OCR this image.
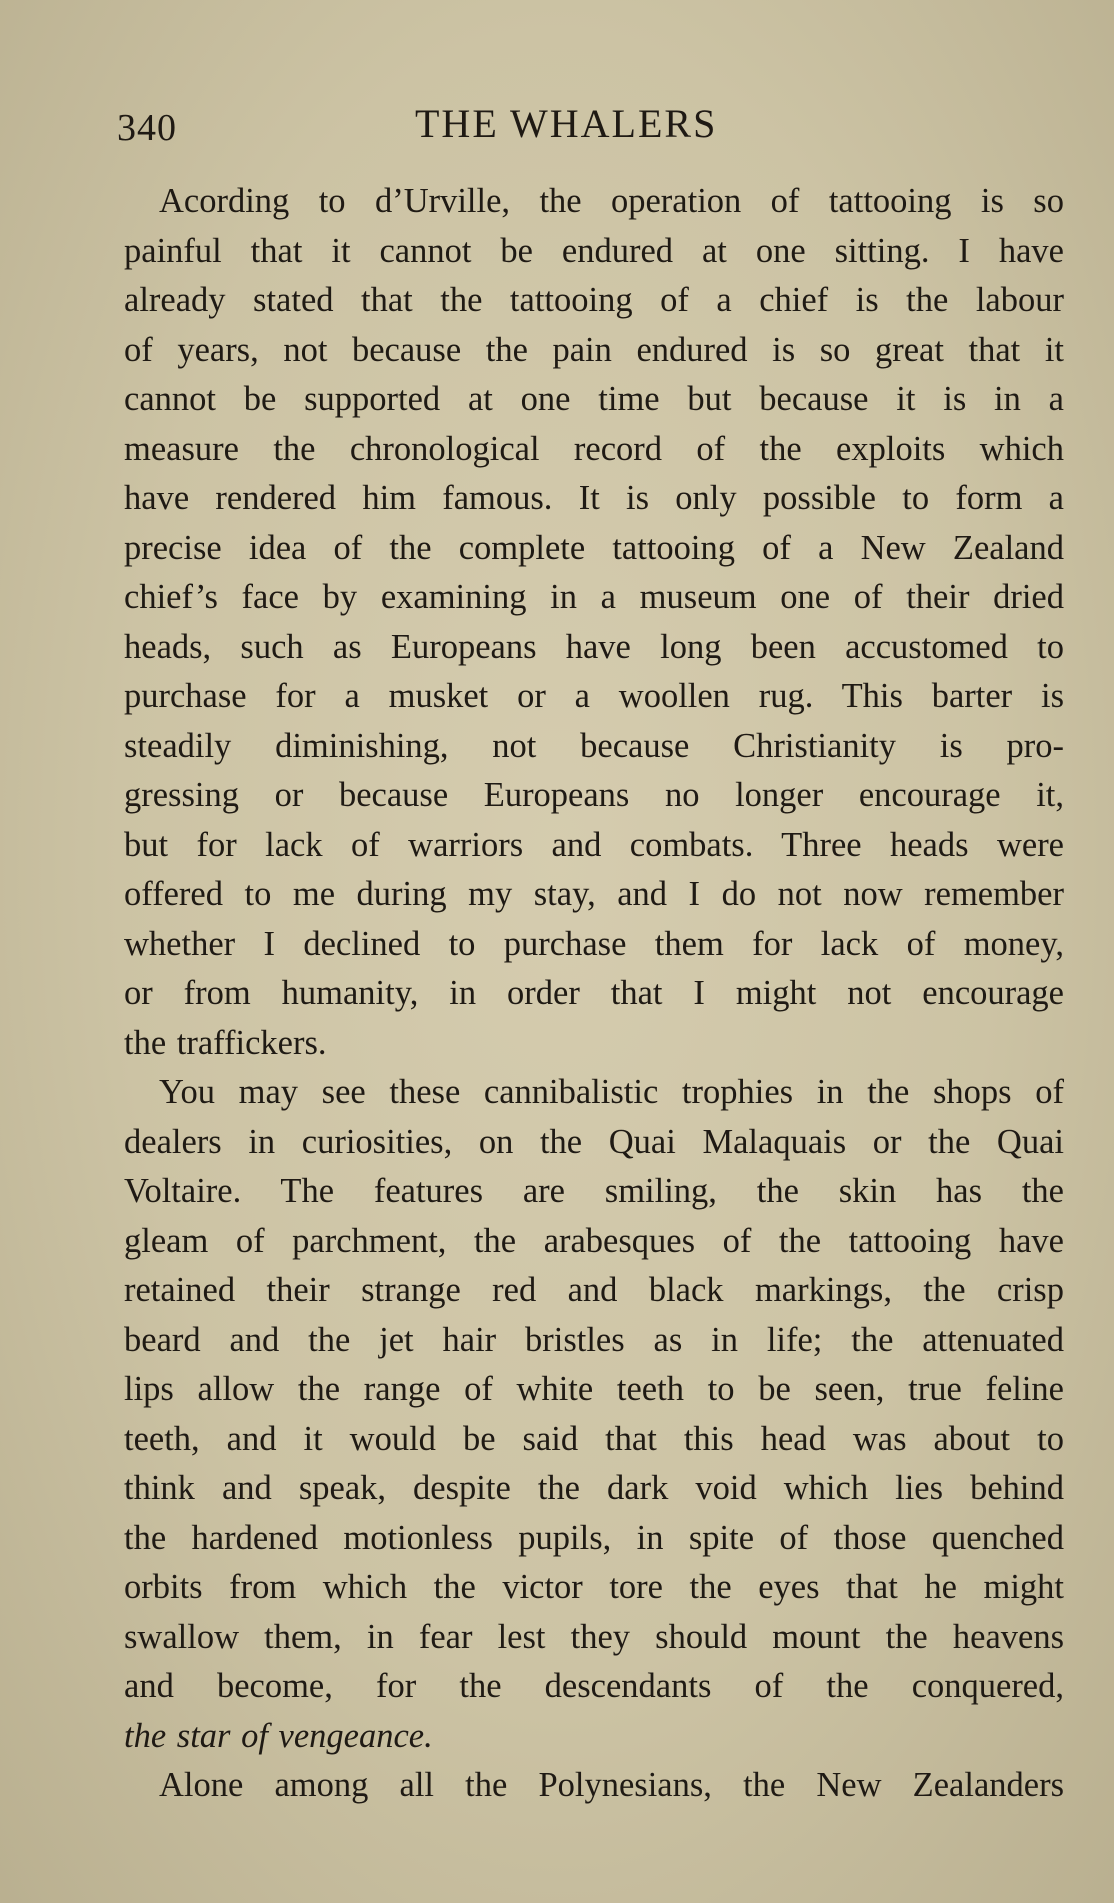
340	THE WHALERS
Acording to d’Urville, the operation of tattooing is so
painful that it cannot be endured at one sitting. I have
already stated that the tattooing of a chief is the labour
of years, not because the pain endured is so great that it
cannot be supported at one time but because it is in a
measure the chronological record of the exploits which
have rendered him famous. It is only possible to form a
precise idea of the complete tattooing of a New Zealand
chief’s face by examining in a museum one of their dried
heads, such as Europeans have long been accustomed to
purchase for a musket or a woollen rug. This barter is
steadily diminishing, not because Christianity is pro-
gressing or because Europeans no longer encourage it,
but for lack of warriors and combats. Three heads were
offered to me during my stay, and I do not now remember
whether I declined to purchase them for lack of money,
or from humanity, in order that I might not encourage
the traffickers.
You may see these cannibalistic trophies in the shops of
dealers in curiosities, on the Quai Malaquais or the Quai
Voltaire. The features are smiling, the skin has the
gleam of parchment, the arabesques of the tattooing have
retained their strange red and black markings, the crisp
beard and the jet hair bristles as in life; the attenuated
lips allow the range of white teeth to be seen, true feline
teeth, and it would be said that this head was about to
think and speak, despite the dark void which lies behind
the hardened motionless pupils, in spite of those quenched
orbits from which the victor tore the eyes that he might
swallow them, in fear lest they should mount the heavens
and become, for the descendants of the conquered,
the star of vengeance.
Alone among all the Polynesians, the New Zealanders
